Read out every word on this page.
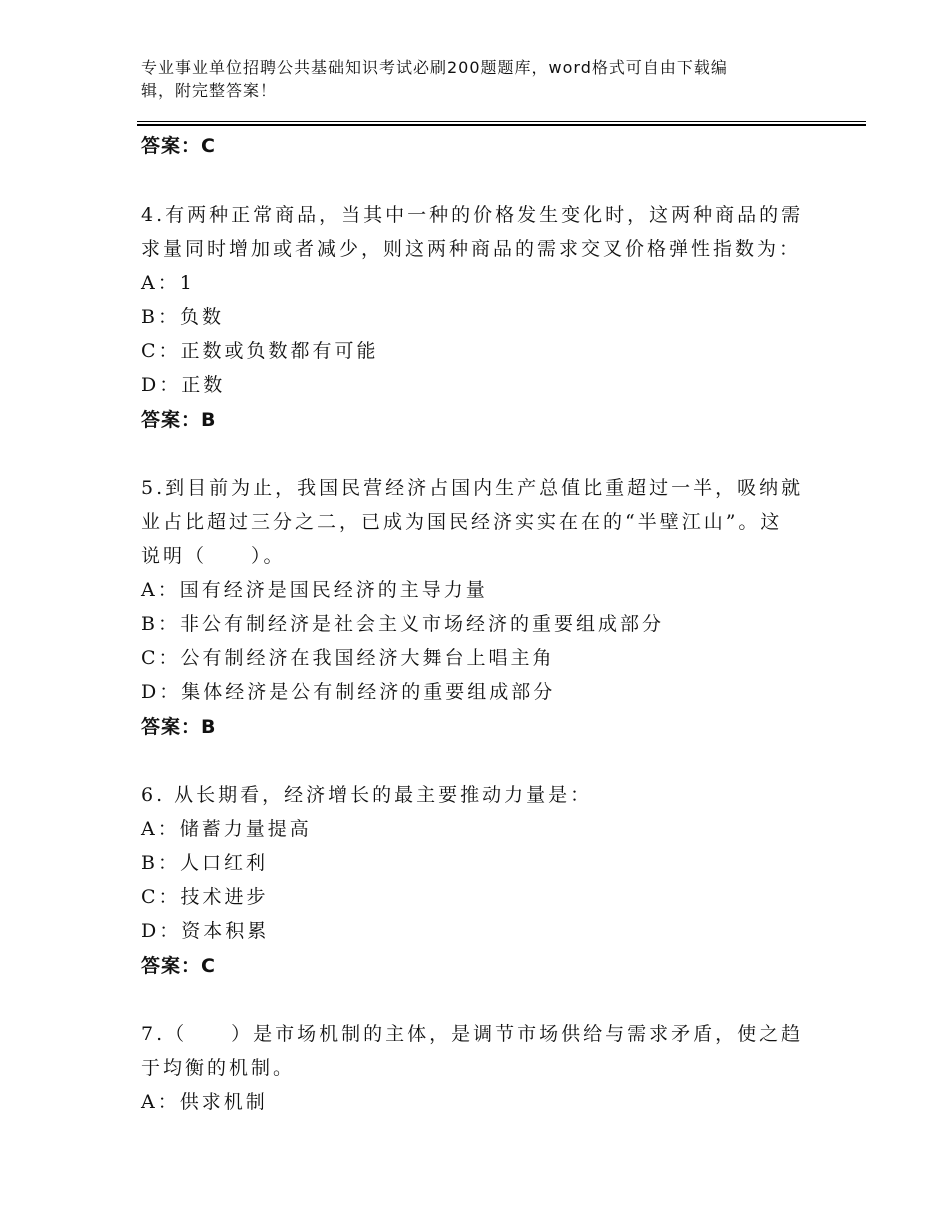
专业事业单位招聘公共基础知识考试必刷200题题库，word格式可自由下载编
辑，附完整答案！
答案：C
4.有两种正常商品，当其中一种的价格发生变化时，这两种商品的需
求量同时增加或者减少，则这两种商品的需求交叉价格弹性指数为：
A：1
B：负数
C：正数或负数都有可能
D：正数
答案：B
5.到目前为止，我国民营经济占国内生产总值比重超过一半，吸纳就
业占比超过三分之二，已成为国民经济实实在在的“半壁江山”。这
说明（　　）。
A：国有经济是国民经济的主导力量
B：非公有制经济是社会主义市场经济的重要组成部分
C：公有制经济在我国经济大舞台上唱主角
D：集体经济是公有制经济的重要组成部分
答案：B
6. 从长期看，经济增长的最主要推动力量是：
A：储蓄力量提高
B：人口红利
C：技术进步
D：资本积累
答案：C
7.（　　）是市场机制的主体，是调节市场供给与需求矛盾，使之趋
于均衡的机制。
A：供求机制
